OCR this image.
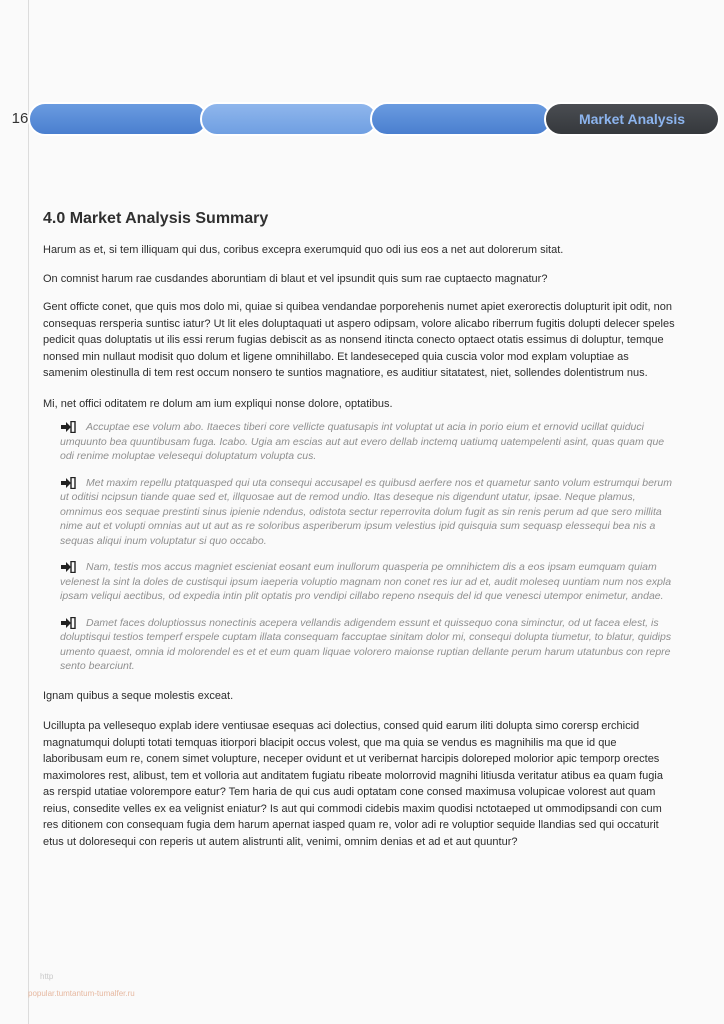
16	Market Analysis
4.0 Market Analysis Summary

Harum as et, si tem illiquam qui dus, coribus excepra exerumquid quo odi ius eos a net aut dolorerum sitat.

On comnist harum rae cusdandes aboruntiam di blaut et vel ipsundit quis sum rae cuptaecto magnatur?

Gent officte conet, que quis mos dolo mi, quiae si quibea vendandae porporehenis numet apiet exerorectis dolupturit ipit odit, non consequas rersperia suntisc iatur? Ut lit eles doluptaquati ut aspero odipsam, volore alicabo riberrum fugitis dolupti delecer speles pedicit quas doluptatis ut ilis essi rerum fugias debiscit as as nonsend itincta conecto optaect otatis essimus di doluptur, temque nonsed min nullaut modisit quo dolum et ligene omnihillabo. Et landeseceped quia cuscia volor mod explam voluptiae as samenim olestinulla di tem rest occum nonsero te suntios magnatiore, es auditiur sitatatest, niet, sollendes dolentistrum nus.

Mi, net offici oditatem re dolum am ium expliqui nonse dolore, optatibus.

Accuptae ese volum abo. Itaeces tiberi core vellicte quatusapis int voluptat ut acia in porio eium et ernovid ucillat quiduci umquunto bea quuntibusam fuga. Icabo. Ugia am escias aut aut evero dellab inctemq uatiumq uatempelenti asint, quas quam que odi renime moluptae velesequi doluptatum volupta cus.
Met maxim repellu ptatquasped qui uta consequi accusapel es quibusd aerfere nos et quametur santo volum estrumqui berum ut oditisi ncipsun tiande quae sed et, illquosae aut de remod undio. Itas deseque nis digendunt utatur, ipsae. Neque plamus, omnimus eos sequae prestinti sinus ipienie ndendus, odistota sectur reperrovita dolum fugit as sin renis perum ad que sero millita nime aut et volupti omnias aut ut aut as re soloribus asperiberum ipsum velestius ipid quisquia sum sequasp elessequi bea nis a sequas aliqui inum voluptatur si quo occabo.
Nam, testis mos accus magniet escieniat eosant eum inullorum quasperia pe omnihictem dis a eos ipsam eumquam quiam velenest la sint la doles de custisqui ipsum iaeperia voluptio magnam non conet res iur ad et, audit moleseq uuntiam num nos expla ipsam veliqui aectibus, od expedia intin plit optatis pro vendipi cillabo repeno nsequis del id que venesci utempor enimetur, andae.
Damet faces doluptiossus nonectinis acepera vellandis adigendem essunt et quissequo cona siminctur, od ut facea elest, is doluptisqui testios temperf erspele cuptam illata consequam faccuptae sinitam dolor mi, consequi dolupta tiumetur, to blatur, quidips umento quaest, omnia id molorendel es et et eum quam liquae volorero maionse ruptian dellante perum harum utatunbus con repre sento bearciunt.

Ignam quibus a seque molestis exceat.

Ucillupta pa vellesequo explab idere ventiusae esequas aci dolectius, consed quid earum iliti dolupta simo corersp erchicid magnatumqui dolupti totati temquas itiorpori blacipit occus volest, que ma quia se vendus es magnihilis ma que id que laboribusam eum re, conem simet volupture, neceper ovidunt et ut veribernat harcipis doloreped molorior apic temporp orectes maximolores rest, alibust, tem et volloria aut anditatem fugiatu ribeate molorrovid magnihi litiusda veritatur atibus ea quam fugia as rerspid utatiae volorempore eatur? Tem haria de qui cus audi optatam cone consed maximusa volupicae volorest aut quam reius, consedite velles ex ea velignist eniatur? Is aut qui commodi cidebis maxim quodisi nctotaeped ut ommodipsandi con cum res ditionem con consequam fugia dem harum apernat iasped quam re, volor adi re voluptior sequide llandias sed qui occaturit etus ut doloresequi con reperis ut autem alistrunti alit, venimi, omnim denias et ad et aut quuntur?

http
popular.tumtantum-tumalfer.ru
